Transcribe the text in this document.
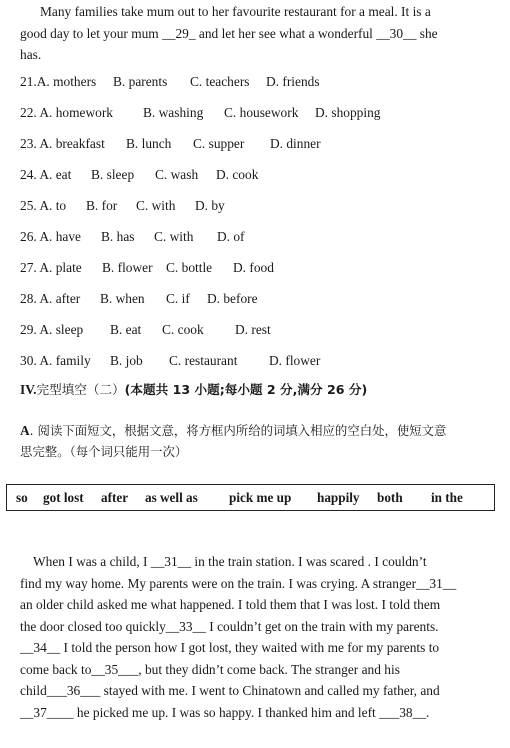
Many families take mum out to her favourite restaurant for a meal. It is a
good day to let your mum __29_ and let her see what a wonderful __30__ she
has.
21.A. mothers B. parents C. teachers D. friends
22. A. homework B. washing C. housework D. shopping
23. A. breakfast B. lunch C. supper D. dinner
24. A. eat B. sleep C. wash D. cook
25. A. to B. for C. with D. by
26. A. have B. has C. with D. of
27. A. plate B. flower C. bottle D. food
28. A. after B. when C. if D. before
29. A. sleep B. eat C. cook D. rest
30. A. family B. job C. restaurant D. flower
IV.完型填空（二）(本题共 13 小题;每小题 2 分,满分 26 分)
A. 阅读下面短文，根据文意，将方框内所给的词填入相应的空白处，使短文意
思完整。（每个词只能用一次）
so got lost after as well as pick me up happily both in the
When I was a child, I __31__ in the train station. I was scared . I couldn’t
find my way home. My parents were on the train. I was crying. A stranger__31__
an older child asked me what happened. I told them that I was lost. I told them
the door closed too quickly__33__ I couldn’t get on the train with my parents.
__34__ I told the person how I got lost, they waited with me for my parents to
come back to__35___, but they didn’t come back. The stranger and his
child___36___ stayed with me. I went to Chinatown and called my father, and
__37____ he picked me up. I was so happy. I thanked him and left ___38__.
